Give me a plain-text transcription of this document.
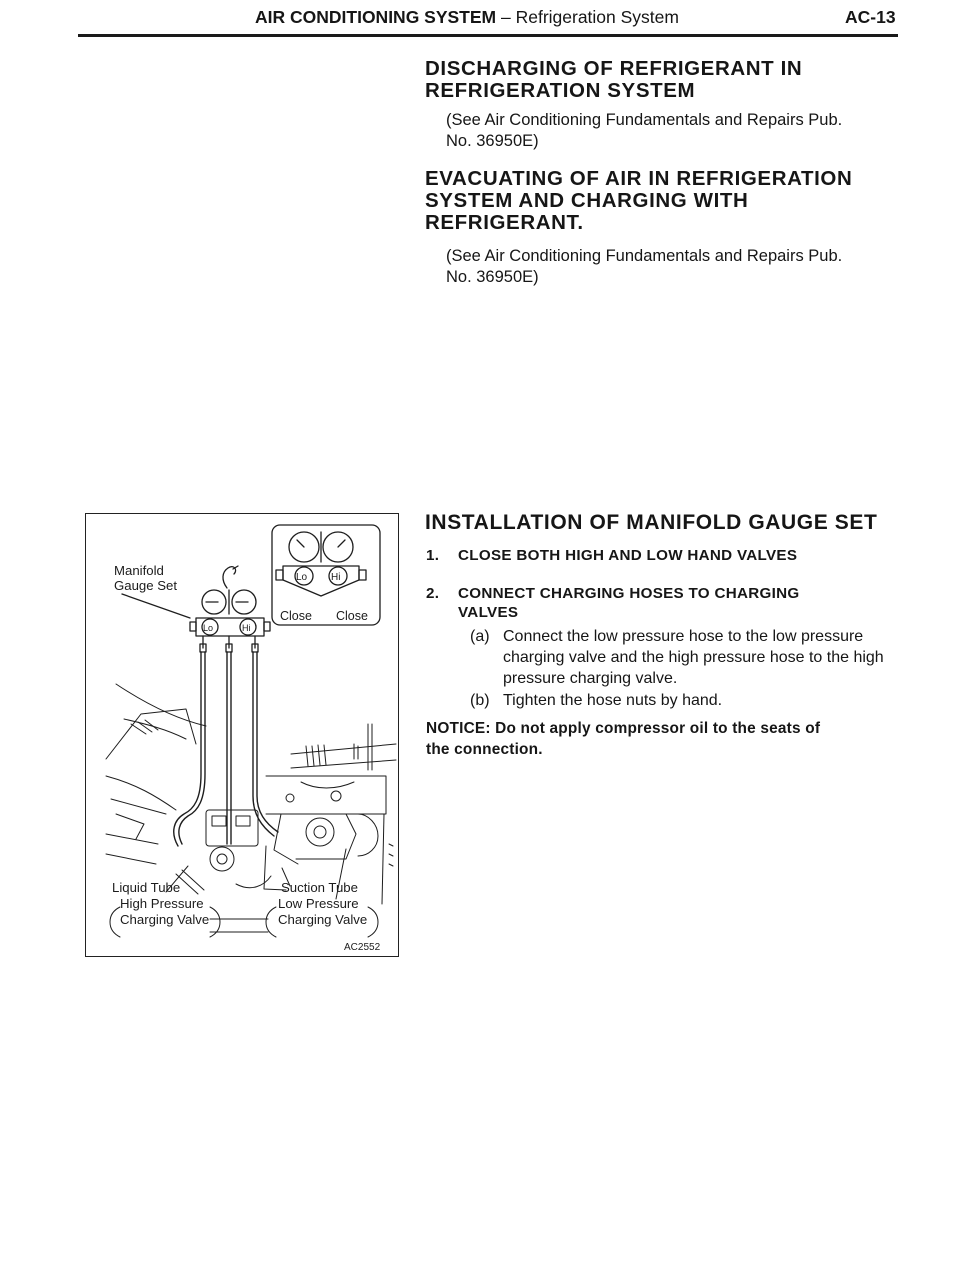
AIR CONDITIONING SYSTEM – Refrigeration System	AC-13
DISCHARGING OF REFRIGERANT IN
REFRIGERATION SYSTEM
(See Air Conditioning Fundamentals and Repairs Pub.
No. 36950E)
EVACUATING OF AIR IN REFRIGERATION
SYSTEM AND CHARGING WITH
REFRIGERANT.
(See Air Conditioning Fundamentals and Repairs Pub.
No. 36950E)
INSTALLATION OF MANIFOLD GAUGE SET
1. CLOSE BOTH HIGH AND LOW HAND VALVES
2. CONNECT CHARGING HOSES TO CHARGING
VALVES
(a) Connect the low pressure hose to the low pressure charging valve and the high pressure hose to the high pressure charging valve.
(b) Tighten the hose nuts by hand.
NOTICE: Do not apply compressor oil to the seats of
the connection.
Manifold
Gauge Set
Lo Hi
Lo	Hi
Close Close
Liquid Tube
High Pressure
Charging Valve
Suction Tube
Low Pressure
Charging Valve
AC2552
